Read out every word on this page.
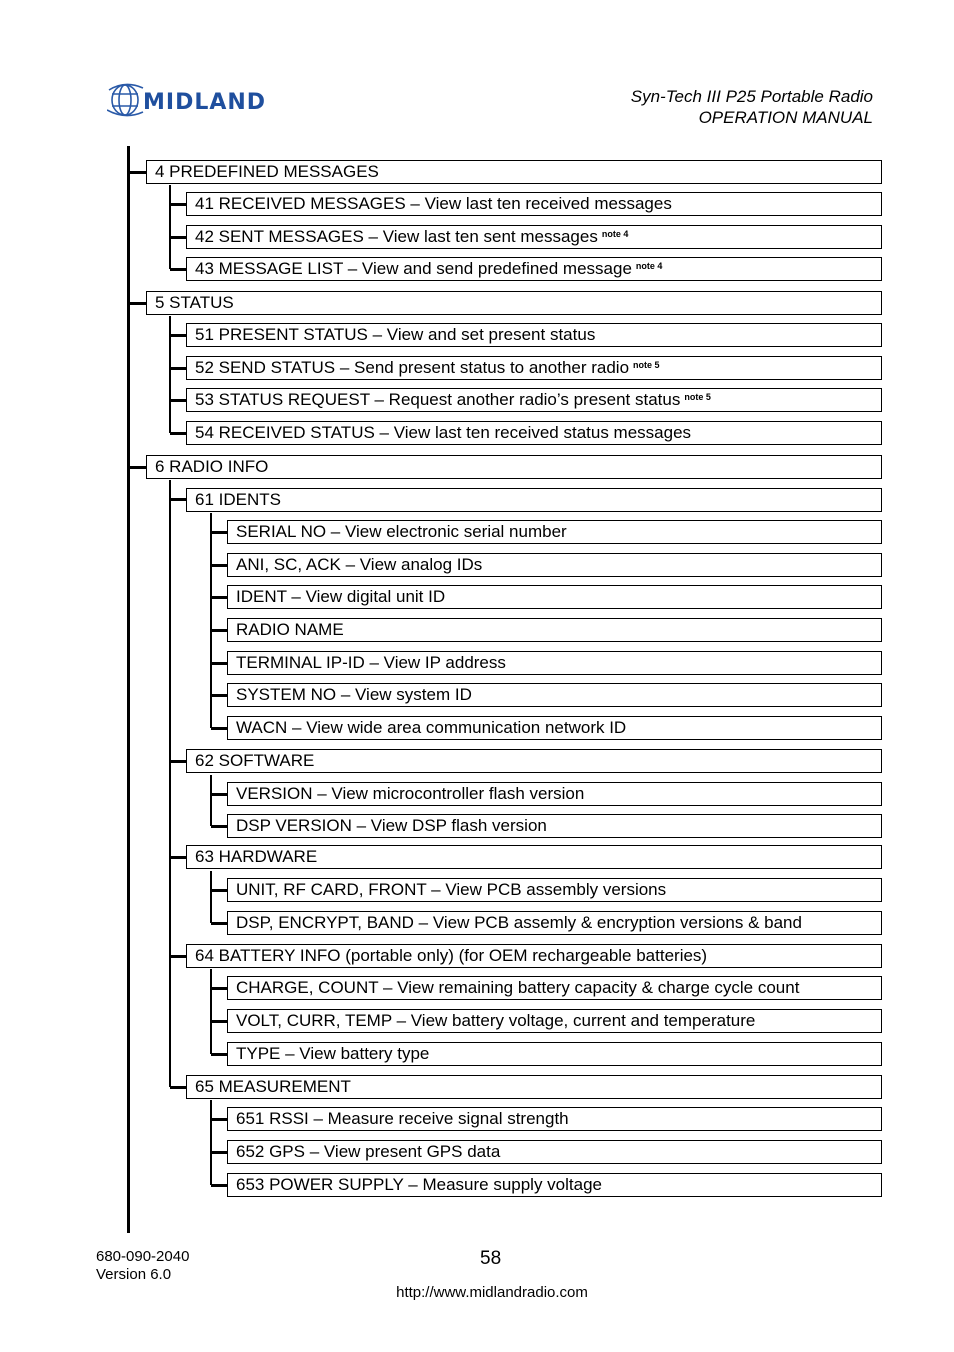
MIDLAND	Syn-Tech III P25 Portable Radio
OPERATION MANUAL
4 PREDEFINED MESSAGES
41 RECEIVED MESSAGES – View last ten received messages
42 SENT MESSAGES – View last ten sent messages $^{note 4}$
43 MESSAGE LIST – View and send predefined message $^{note 4}$
5 STATUS
51 PRESENT STATUS – View and set present status
52 SEND STATUS – Send present status to another radio $^{note 5}$
53 STATUS REQUEST – Request another radio’s present status $^{note 5}$
54 RECEIVED STATUS – View last ten received status messages
6 RADIO INFO
61 IDENTS
SERIAL NO – View electronic serial number
ANI, SC, ACK – View analog IDs
IDENT – View digital unit ID
RADIO NAME
TERMINAL IP-ID – View IP address
SYSTEM NO – View system ID
WACN – View wide area communication network ID
62 SOFTWARE
VERSION – View microcontroller flash version
DSP VERSION – View DSP flash version
63 HARDWARE
UNIT, RF CARD, FRONT – View PCB assembly versions
DSP, ENCRYPT, BAND – View PCB assemly & encryption versions & band
64 BATTERY INFO (portable only) (for OEM rechargeable batteries)
CHARGE, COUNT – View remaining battery capacity & charge cycle count
VOLT, CURR, TEMP – View battery voltage, current and temperature
TYPE – View battery type
65 MEASUREMENT
651 RSSI – Measure receive signal strength
652 GPS – View present GPS data
653 POWER SUPPLY – Measure supply voltage
680-090-2040
Version 6.0
58
http://www.midlandradio.com
